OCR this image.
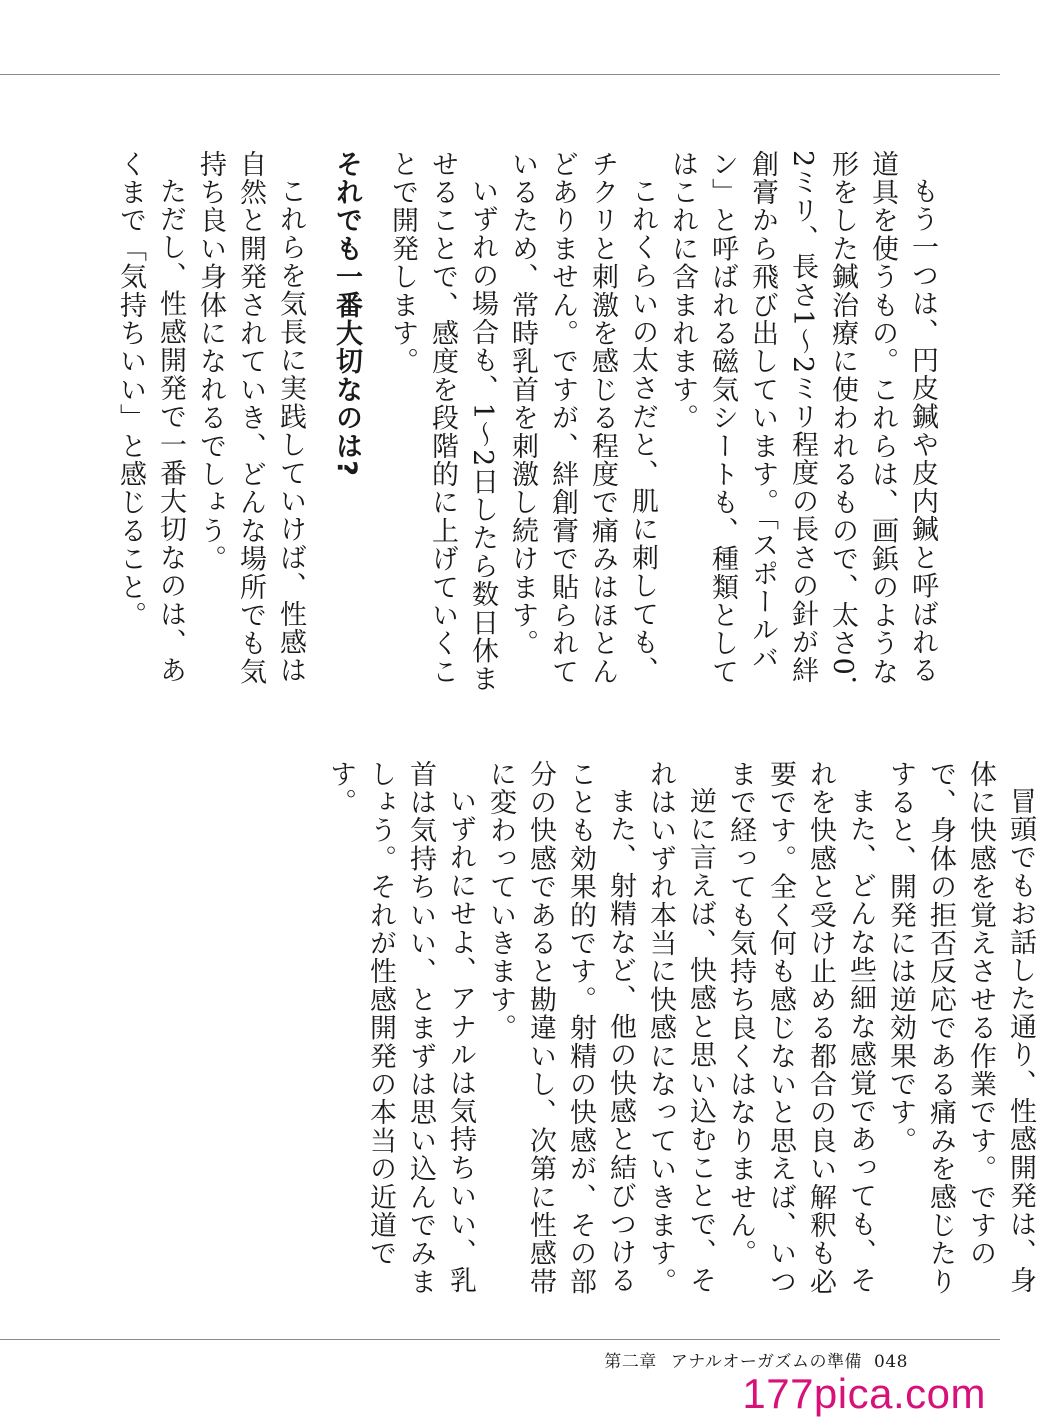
もう一つは、円皮鍼や皮内鍼と呼ばれる道具を使うもの。これらは、画鋲のような形をした鍼治療に使われるもので、太さ0．2ミリ、長さ1～2ミリ程度の長さの針が絆創膏から飛び出しています。「スポールバン」と呼ばれる磁気シートも、種類としてはこれに含まれます。

これくらいの太さだと、肌に刺しても、チクリと刺激を感じる程度で痛みはほとんどありません。ですが、絆創膏で貼られているため、常時乳首を刺激し続けます。

いずれの場合も、1～2日したら数日休ませることで、感度を段階的に上げていくことで開発します。

それでも一番大切なのは?

これらを気長に実践していけば、性感は自然と開発されていき、どんな場所でも気持ち良い身体になれるでしょう。

ただし、性感開発で一番大切なのは、あくまで「気持ちいい」と感じること。

冒頭でもお話した通り、性感開発は、身体に快感を覚えさせる作業です。ですので、身体の拒否反応である痛みを感じたりすると、開発には逆効果です。

また、どんな些細な感覚であっても、それを快感と受け止める都合の良い解釈も必要です。全く何も感じないと思えば、いつまで経っても気持ち良くはなりません。

逆に言えば、快感と思い込むことで、それはいずれ本当に快感になっていきます。

また、射精など、他の快感と結びつけることも効果的です。射精の快感が、その部分の快感であると勘違いし、次第に性感帯に変わっていきます。

いずれにせよ、アナルは気持ちいい、乳首は気持ちいい、とまずは思い込んでみましょう。それが性感開発の本当の近道です。

第二章 アナルオーガズムの準備 048
177pica.com
